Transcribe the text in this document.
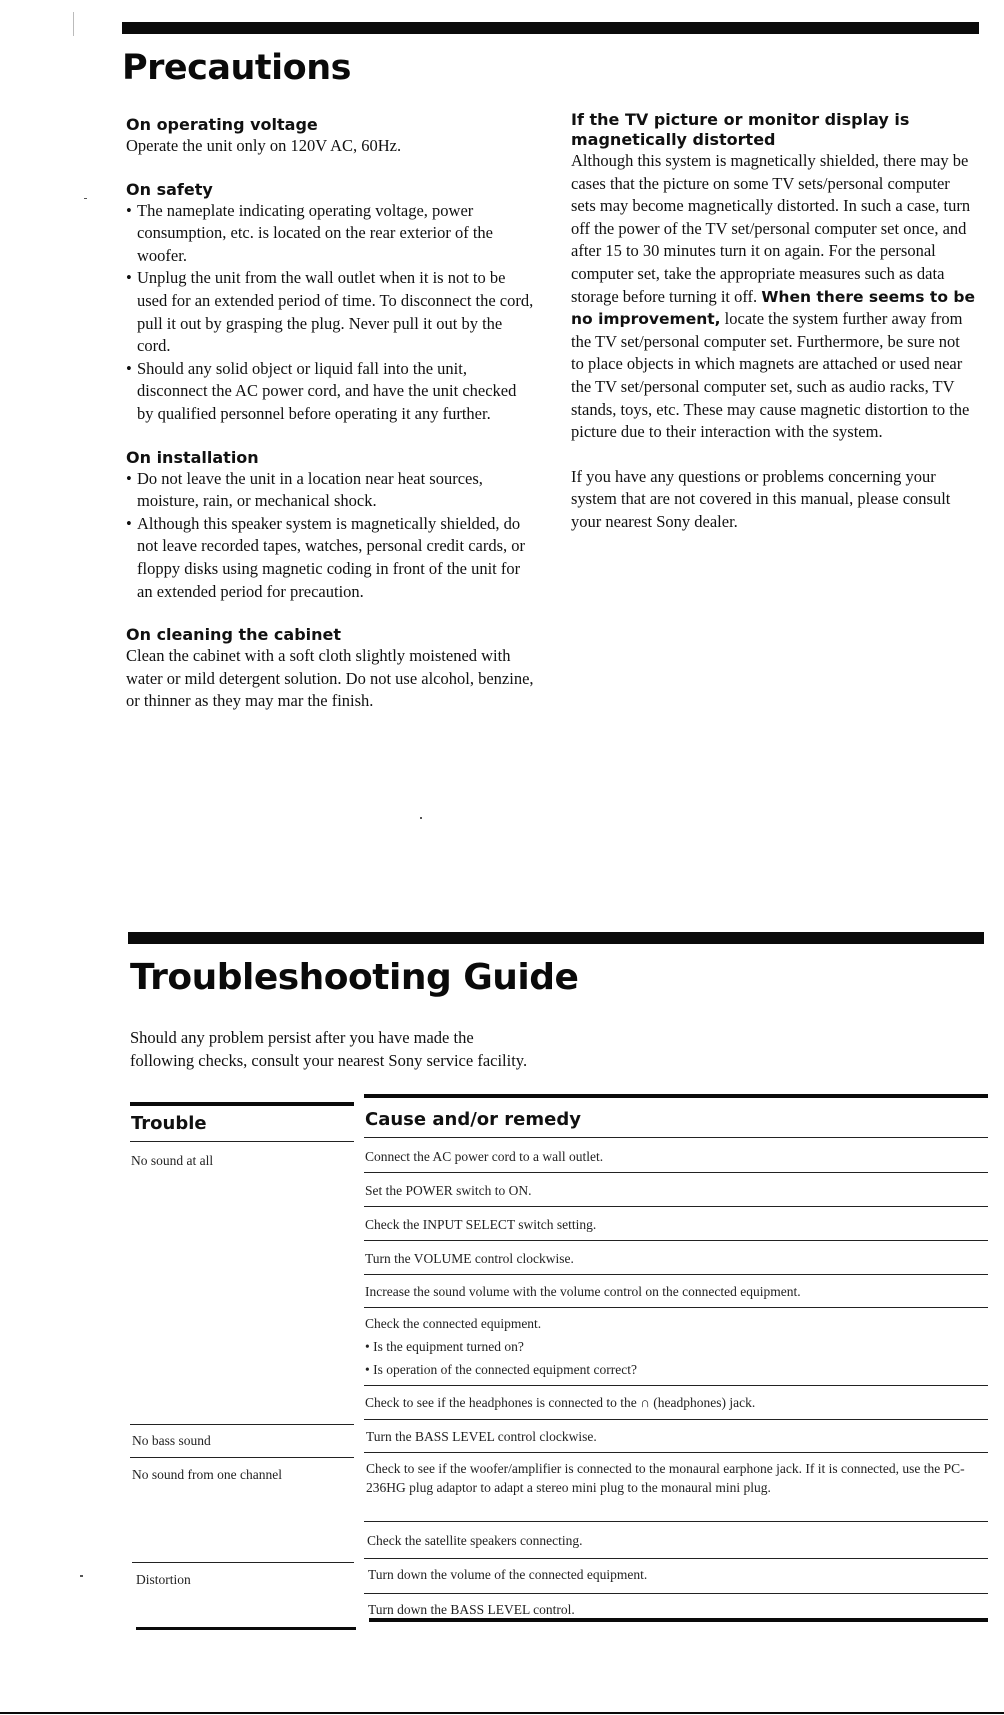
Precautions
On operating voltage

Operate the unit only on 120V AC, 60Hz.

On safety
• The nameplate indicating operating voltage, power consumption, etc. is located on the rear exterior of the woofer.
• Unplug the unit from the wall outlet when it is not to be used for an extended period of time. To disconnect the cord, pull it out by grasping the plug. Never pull it out by the cord.
• Should any solid object or liquid fall into the unit, disconnect the AC power cord, and have the unit checked by qualified personnel before operating it any further.
On installation
• Do not leave the unit in a location near heat sources, moisture, rain, or mechanical shock.
• Although this speaker system is magnetically shielded, do not leave recorded tapes, watches, personal credit cards, or floppy disks using magnetic coding in front of the unit for an extended period for precaution.
On cleaning the cabinet

Clean the cabinet with a soft cloth slightly moistened with water or mild detergent solution. Do not use alcohol, benzine, or thinner as they may mar the finish.

If the TV picture or monitor display is magnetically distorted

Although this system is magnetically shielded, there may be cases that the picture on some TV sets/personal computer sets may become magnetically distorted. In such a case, turn off the power of the TV set/personal computer set once, and after 15 to 30 minutes turn it on again. For the personal computer set, take the appropriate measures such as data storage before turning it off. When there seems to be no improvement, locate the system further away from the TV set/personal computer set. Furthermore, be sure not to place objects in which magnets are attached or used near the TV set/personal computer set, such as audio racks, TV stands, toys, etc. These may cause magnetic distortion to the picture due to their interaction with the system.

If you have any questions or problems concerning your system that are not covered in this manual, please consult your nearest Sony dealer.

Troubleshooting Guide

Should any problem persist after you have made the following checks, consult your nearest Sony service facility.

Trouble	Cause and/or remedy
No sound at all
No bass sound
No sound from one channel
Distortion
Connect the AC power cord to a wall outlet.
Set the POWER switch to ON.
Check the INPUT SELECT switch setting.
Turn the VOLUME control clockwise.
Increase the sound volume with the volume control on the connected equipment.
Check the connected equipment.
• Is the equipment turned on?
• Is operation of the connected equipment correct?
Check to see if the headphones is connected to the ∩ (headphones) jack.
Turn the BASS LEVEL control clockwise.
Check to see if the woofer/amplifier is connected to the monaural earphone jack. If it is connected, use the PC-236HG plug adaptor to adapt a stereo mini plug to the monaural mini plug.
Check the satellite speakers connecting.
Turn down the volume of the connected equipment.
Turn down the BASS LEVEL control.
